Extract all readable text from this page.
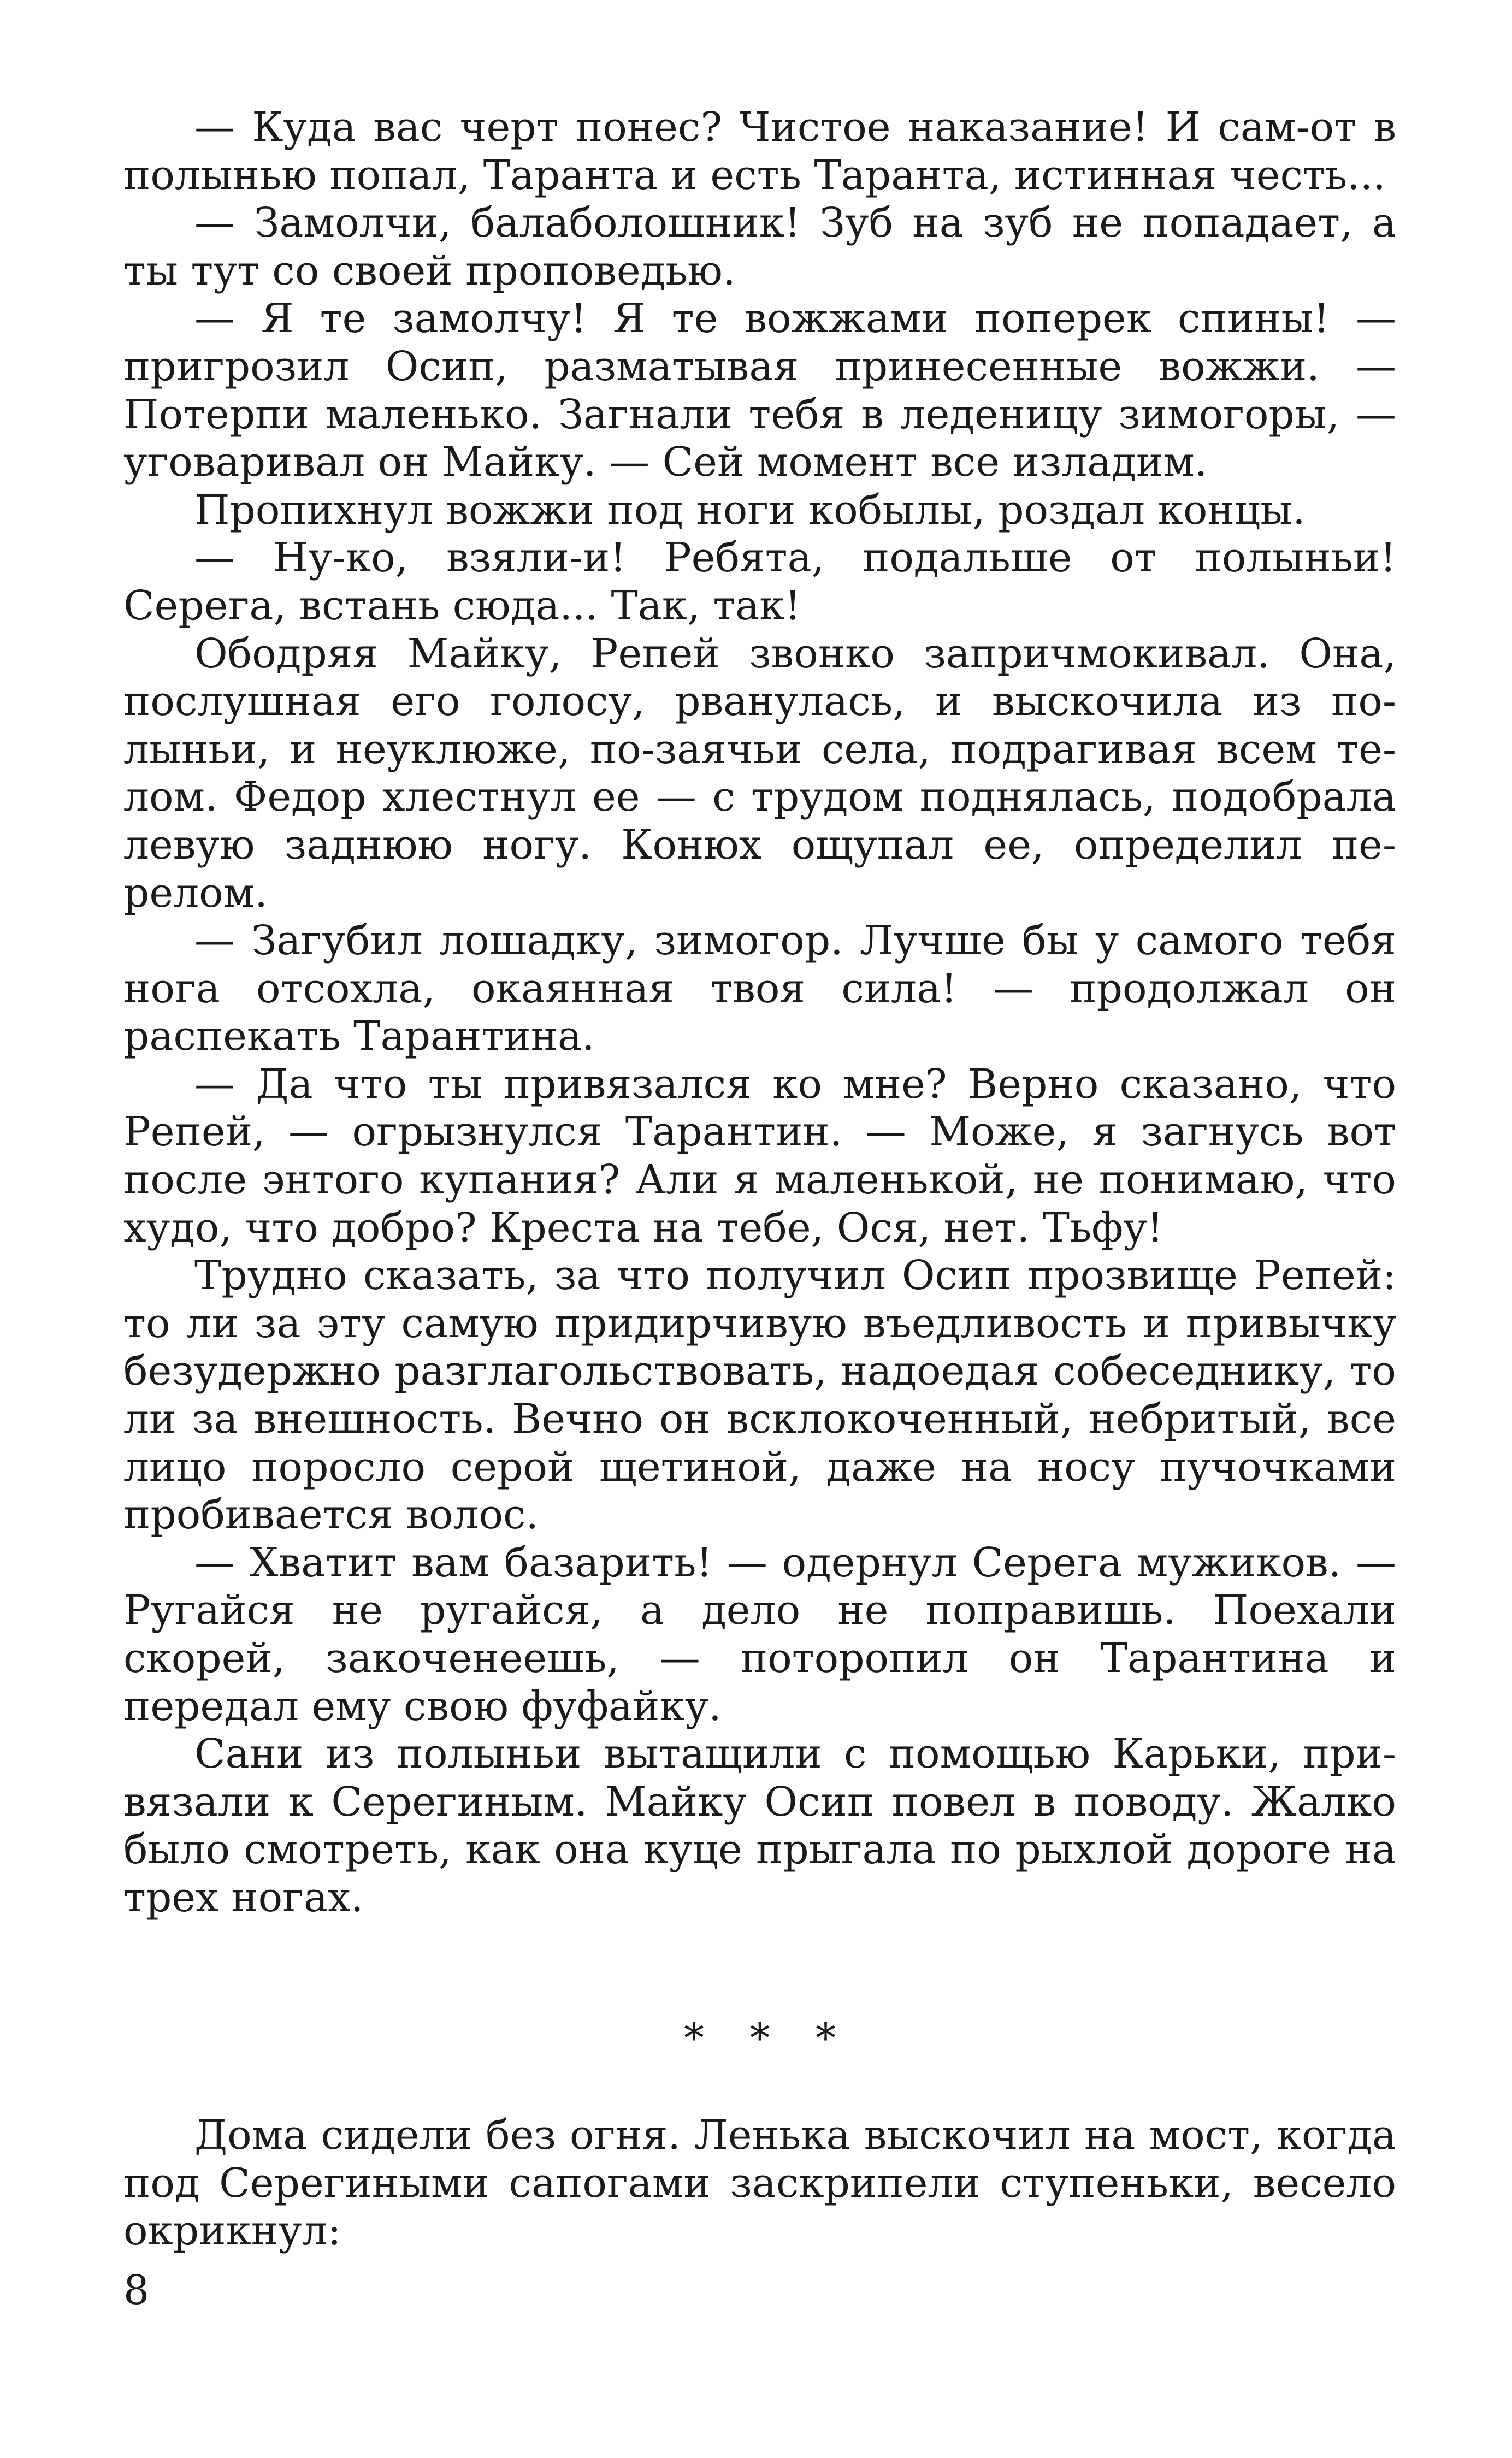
— Куда вас черт понес? Чистое наказание! И сам-от в полынью попал, Таранта и есть Таранта, истинная честь...

— Замолчи, балаболошник! Зуб на зуб не попадает, а ты тут со своей проповедью.

— Я те замолчу! Я те вожжами поперек спины! — пригрозил Осип, разматывая принесенные вожжи. — Потерпи маленько. Загнали тебя в леденицу зимогоры, — уговаривал он Майку. — Сей момент все изладим.

Пропихнул вожжи под ноги кобылы, роздал концы.

— Ну-ко, взяли-и! Ребята, подальше от полыньи! Серега, встань сюда... Так, так!

Ободряя Майку, Репей звонко запричмокивал. Она, послушная его голосу, рванулась, и выскочила из полыньи, и неуклюже, по-заячьи села, подрагивая всем телом. Федор хлестнул ее — с трудом поднялась, подобрала левую заднюю ногу. Конюх ощупал ее, определил перелом.

— Загубил лошадку, зимогор. Лучше бы у самого тебя нога отсохла, окаянная твоя сила! — продолжал он распекать Тарантина.

— Да что ты привязался ко мне? Верно сказано, что Репей, — огрызнулся Тарантин. — Може, я загнусь вот после энтого купания? Али я маленькой, не понимаю, что худо, что добро? Креста на тебе, Ося, нет. Тьфу!

Трудно сказать, за что получил Осип прозвище Репей: то ли за эту самую придирчивую въедливость и привычку безудержно разглагольствовать, надоедая собеседнику, то ли за внешность. Вечно он всклокоченный, небритый, все лицо поросло серой щетиной, даже на носу пучочками пробивается волос.

— Хватит вам базарить! — одернул Серега мужиков. — Ругайся не ругайся, а дело не поправишь. Поехали скорей, закоченеешь, — поторопил он Тарантина и передал ему свою фуфайку.

Сани из полыньи вытащили с помощью Карьки, привязали к Серегиным. Майку Осип повел в поводу. Жалко было смотреть, как она куце прыгала по рыхлой дороге на трех ногах.

* * *

Дома сидели без огня. Ленька выскочил на мост, когда под Серегиными сапогами заскрипели ступеньки, весело окрикнул:

8
